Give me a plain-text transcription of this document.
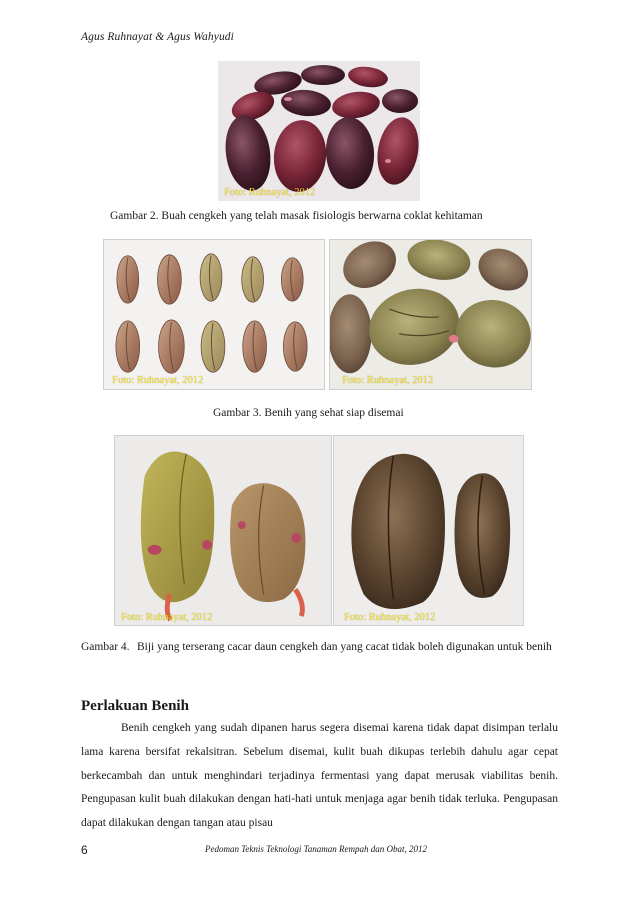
Agus Ruhnayat & Agus Wahyudi
Foto: Ruhnayat, 2012
Gambar 2. Buah cengkeh yang telah masak fisiologis berwarna coklat kehitaman
Foto: Ruhnayat, 2012	Foto: Ruhnayat, 2012
Gambar 3. Benih yang sehat siap disemai
Foto: Ruhnayat, 2012	Foto: Ruhnayat, 2012
Gambar 4. Biji yang terserang cacar daun cengkeh dan yang cacat tidak boleh digunakan untuk benih
Perlakuan Benih
Benih cengkeh yang sudah dipanen harus segera disemai karena tidak dapat disimpan terlalu lama karena bersifat rekalsitran. Sebelum disemai, kulit buah dikupas terlebih dahulu agar cepat berkecambah dan untuk menghindari terjadinya fermentasi yang dapat merusak viabilitas benih. Pengupasan kulit buah dilakukan dengan hati-hati untuk menjaga agar benih tidak terluka. Pengupasan dapat dilakukan dengan tangan atau pisau
6	Pedoman Teknis Teknologi Tanaman Rempah dan Obat, 2012
